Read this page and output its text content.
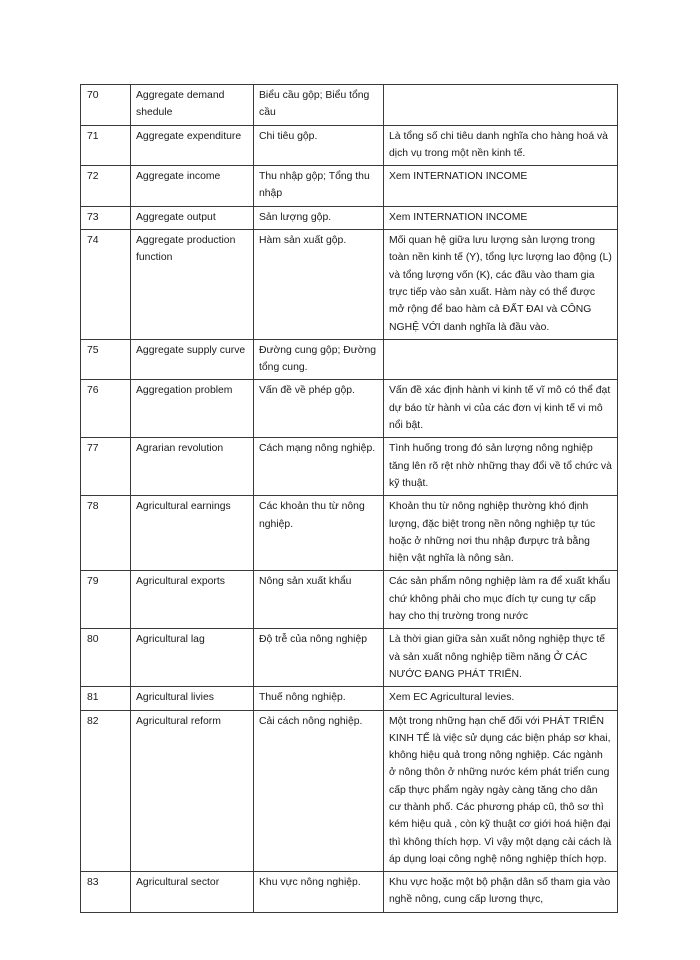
70	Aggregate demand shedule	Biểu cầu gộp; Biểu tổng cầu	
71	Aggregate expenditure	Chi tiêu gộp.	Là tổng số chi tiêu danh nghĩa cho hàng hoá và dịch vụ trong một nền kinh tế.
72	Aggregate income	Thu nhập gộp; Tổng thu nhập	Xem INTERNATION INCOME
73	Aggregate output	Sản lượng gộp.	Xem INTERNATION INCOME
74	Aggregate production function	Hàm sản xuất gộp.	Mối quan hệ giữa lưu lượng sản lượng trong toàn nền kinh tế (Y), tổng lực lượng lao động (L) và tổng lượng vốn (K), các đầu vào tham gia trực tiếp vào sản xuất. Hàm này có thể được mở rộng để bao hàm cả ĐẤT ĐAI và CÔNG NGHỆ VỚI danh nghĩa là đầu vào.
75	Aggregate supply curve	Đường cung gộp; Đường tổng cung.	
76	Aggregation problem	Vấn đề về phép gộp.	Vấn đề xác định hành vi kinh tế vĩ mô có thể đạt dự báo từ hành vi của các đơn vị kinh tế vi mô nổi bật.
77	Agrarian revolution	Cách mạng nông nghiệp.	Tình huống trong đó sản lượng nông nghiệp tăng lên rõ rệt nhờ những thay đổi về tổ chức và kỹ thuật.
78	Agricultural earnings	Các khoản thu từ nông nghiệp.	Khoản thu từ nông nghiệp thường khó định lượng, đặc biệt trong nền nông nghiệp tự túc hoặc ở những nơi thu nhập đưpực trả bằng hiện vật nghĩa là nông sản.
79	Agricultural exports	Nông sản xuất khẩu	Các sản phẩm nông nghiệp làm ra để xuất khẩu chứ không phải cho mục đích tự cung tự cấp hay cho thị trường trong nước
80	Agricultural lag	Độ trễ của nông nghiệp	Là thời gian giữa sản xuất nông nghiệp thực tế và sản xuất nông nghiệp tiềm năng Ở CÁC NƯỚC ĐANG PHÁT TRIỂN.
81	Agricultural livies	Thuế nông nghiệp.	Xem EC Agricultural levies.
82	Agricultural reform	Cải cách nông nghiệp.	Một trong những hạn chế đối với PHÁT TRIỂN KINH TẾ là việc sử dụng các biện pháp sơ khai, không hiệu quả trong nông nghiệp. Các ngành ở nông thôn ở những nước kém phát triển cung cấp thực phẩm ngày ngày càng tăng cho dân cư thành phố. Các phương pháp cũ, thô sơ thì kém hiệu quả , còn kỹ thuật cơ giới hoá hiện đại thì không thích hợp. Vì vậy một dạng cải cách là áp dụng loại công nghệ nông nghiệp thích hợp.
83	Agricultural sector	Khu vực nông nghiệp.	Khu vực hoặc một bộ phận dân số tham gia vào nghề nông, cung cấp lương thực,
